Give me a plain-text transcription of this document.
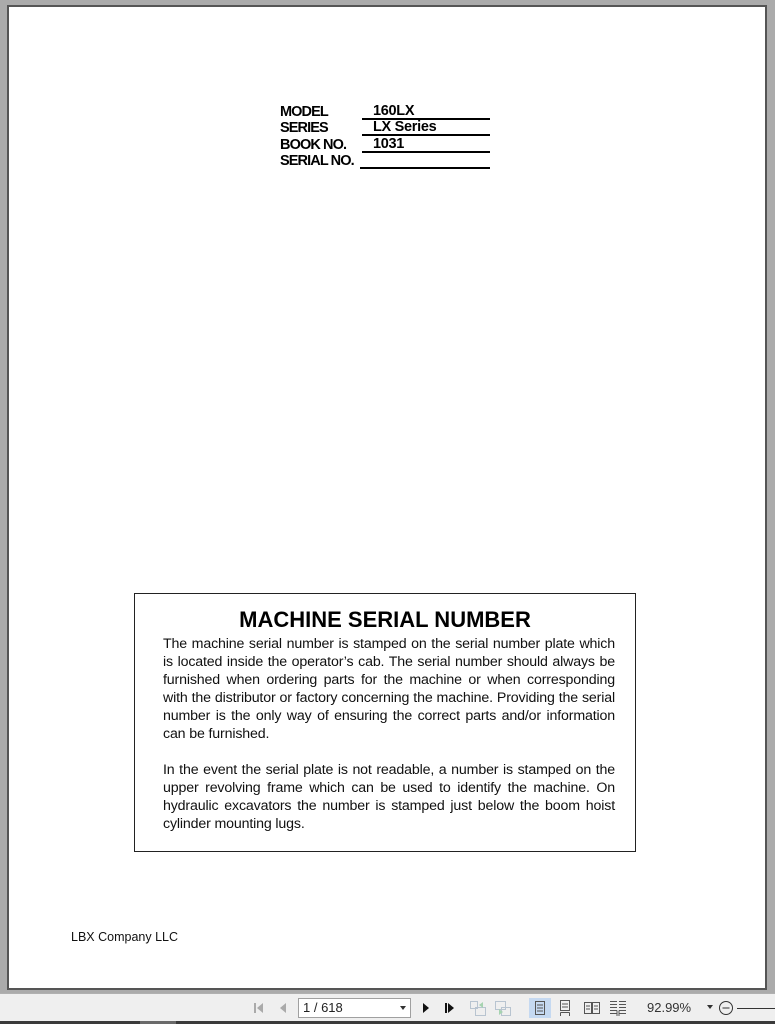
MODEL	160LX
SERIES	LX Series
BOOK NO.	1031
SERIAL NO.
MACHINE SERIAL NUMBER

The machine serial number is stamped on the serial number plate which is located inside the operator’s cab. The serial number should always be furnished when ordering parts for the machine or when corresponding with the distributor or factory concerning the machine. Providing the serial number is the only way of ensuring the correct parts and/or information can be furnished.

In the event the serial plate is not readable, a number is stamped on the upper revolving frame which can be used to identify the machine. On hydraulic excavators the number is stamped just below the boom hoist cylinder mounting lugs.

LBX Company LLC
1 / 618	92.99%
